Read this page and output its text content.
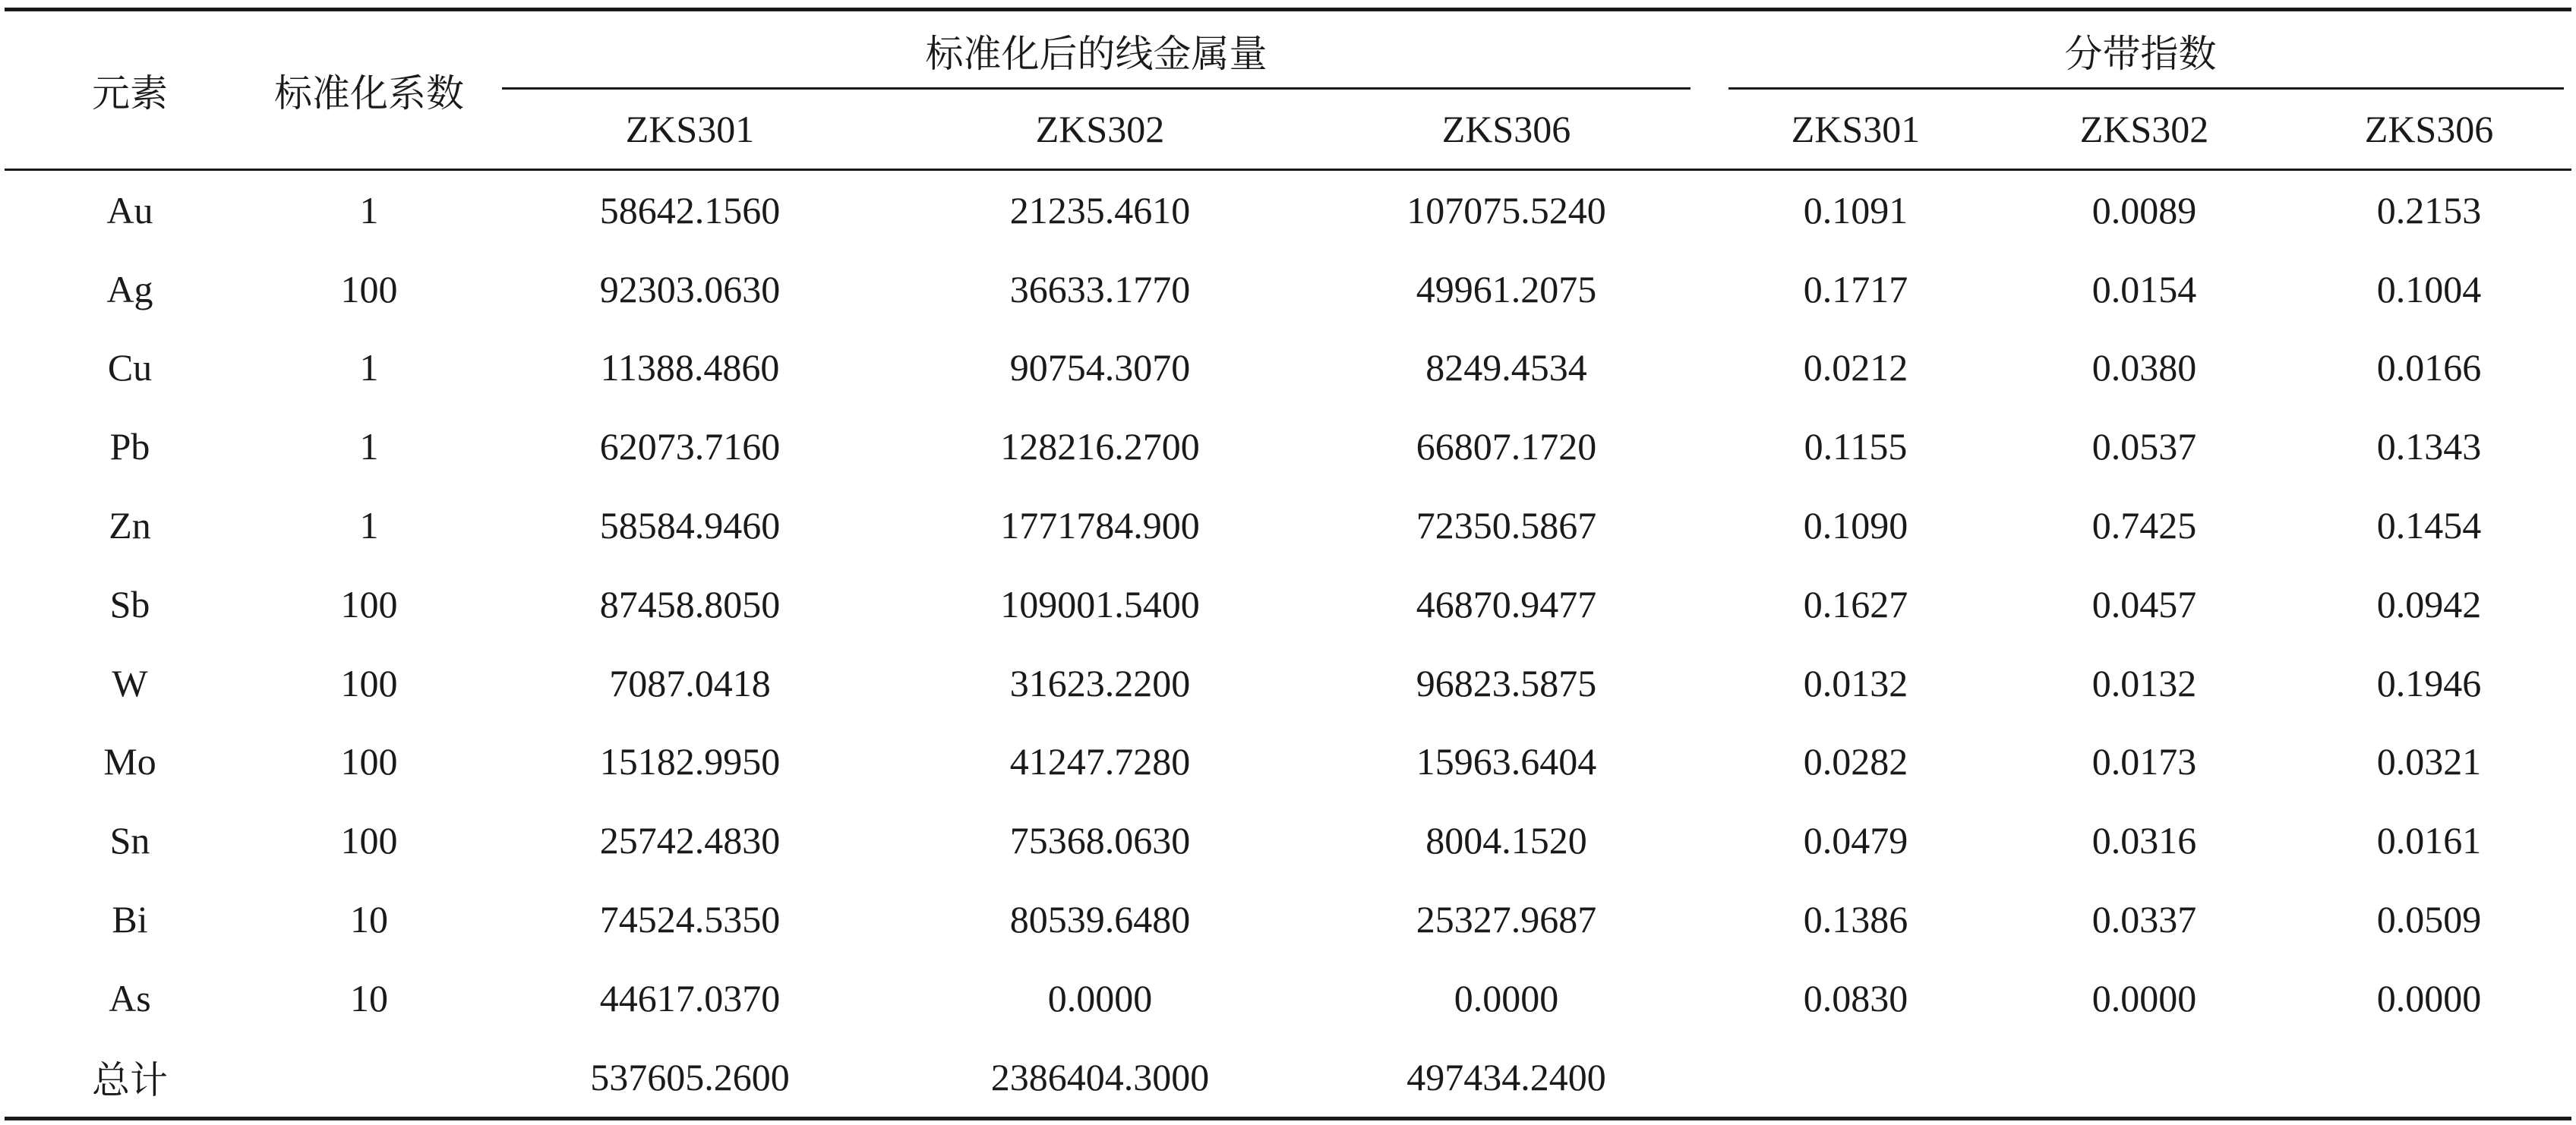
元素	标准化系数	标准化后的线金属量			分带指数		
		ZKS301	ZKS302	ZKS306	ZKS301	ZKS302	ZKS306
Au	1	58642.1560	21235.4610	107075.5240	0.1091	0.0089	0.2153
Ag	100	92303.0630	36633.1770	49961.2075	0.1717	0.0154	0.1004
Cu	1	11388.4860	90754.3070	8249.4534	0.0212	0.0380	0.0166
Pb	1	62073.7160	128216.2700	66807.1720	0.1155	0.0537	0.1343
Zn	1	58584.9460	1771784.900	72350.5867	0.1090	0.7425	0.1454
Sb	100	87458.8050	109001.5400	46870.9477	0.1627	0.0457	0.0942
W	100	7087.0418	31623.2200	96823.5875	0.0132	0.0132	0.1946
Mo	100	15182.9950	41247.7280	15963.6404	0.0282	0.0173	0.0321
Sn	100	25742.4830	75368.0630	8004.1520	0.0479	0.0316	0.0161
Bi	10	74524.5350	80539.6480	25327.9687	0.1386	0.0337	0.0509
As	10	44617.0370	0.0000	0.0000	0.0830	0.0000	0.0000
总计		537605.2600	2386404.3000	497434.2400			
